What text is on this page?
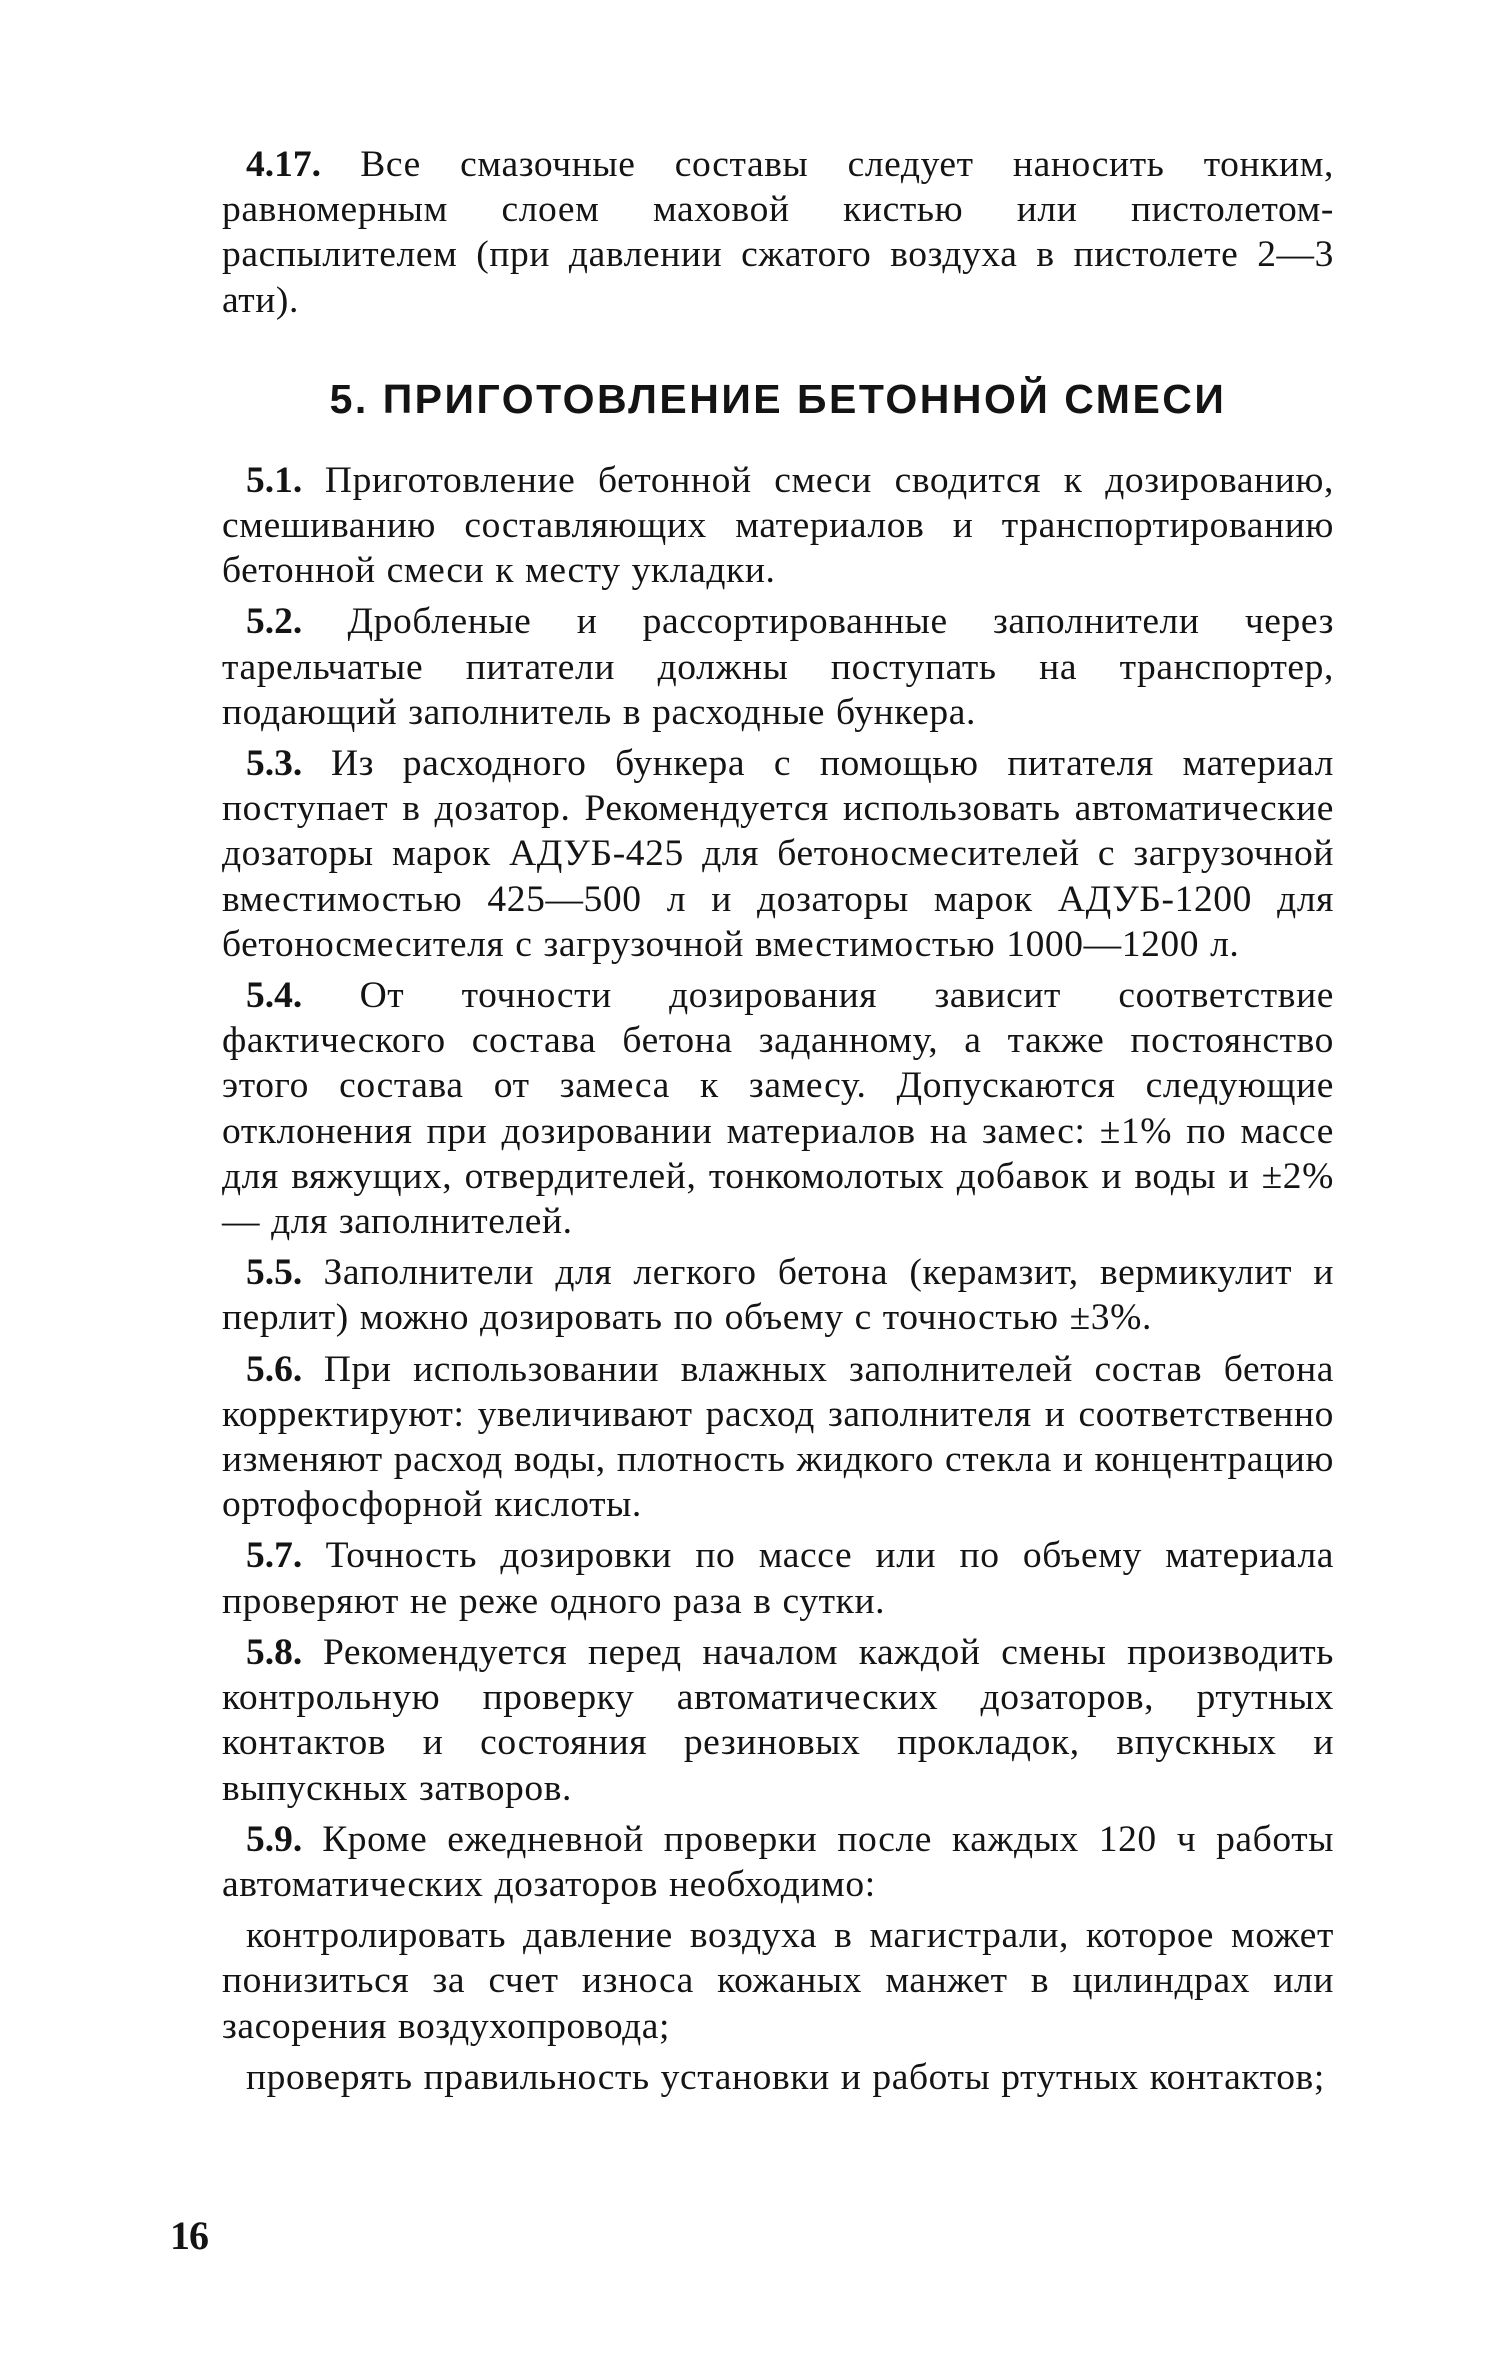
4.17. Все смазочные составы следует наносить тонким, равномерным слоем маховой кистью или пистолетом-распылителем (при давлении сжатого воздуха в пистолете 2—3 ати).

5. ПРИГОТОВЛЕНИЕ БЕТОННОЙ СМЕСИ

5.1. Приготовление бетонной смеси сводится к дозированию, смешиванию составляющих материалов и транспортированию бетонной смеси к месту укладки.

5.2. Дробленые и рассортированные заполнители через тарельчатые питатели должны поступать на транспортер, подающий заполнитель в расходные бункера.

5.3. Из расходного бункера с помощью питателя материал поступает в дозатор. Рекомендуется использовать автоматические дозаторы марок АДУБ-425 для бетоносмесителей с загрузочной вместимостью 425—500 л и дозаторы марок АДУБ-1200 для бетоносмесителя с загрузочной вместимостью 1000—1200 л.

5.4. От точности дозирования зависит соответствие фактического состава бетона заданному, а также постоянство этого состава от замеса к замесу. Допускаются следующие отклонения при дозировании материалов на замес: ±1% по массе для вяжущих, отвердителей, тонкомолотых добавок и воды и ±2% — для заполнителей.

5.5. Заполнители для легкого бетона (керамзит, вермикулит и перлит) можно дозировать по объему с точностью ±3%.

5.6. При использовании влажных заполнителей состав бетона корректируют: увеличивают расход заполнителя и соответственно изменяют расход воды, плотность жидкого стекла и концентрацию ортофосфорной кислоты.

5.7. Точность дозировки по массе или по объему материала проверяют не реже одного раза в сутки.

5.8. Рекомендуется перед началом каждой смены производить контрольную проверку автоматических дозаторов, ртутных контактов и состояния резиновых прокладок, впускных и выпускных затворов.

5.9. Кроме ежедневной проверки после каждых 120 ч работы автоматических дозаторов необходимо:

контролировать давление воздуха в магистрали, которое может понизиться за счет износа кожаных манжет в цилиндрах или засорения воздухопровода;

проверять правильность установки и работы ртутных контактов;

16
